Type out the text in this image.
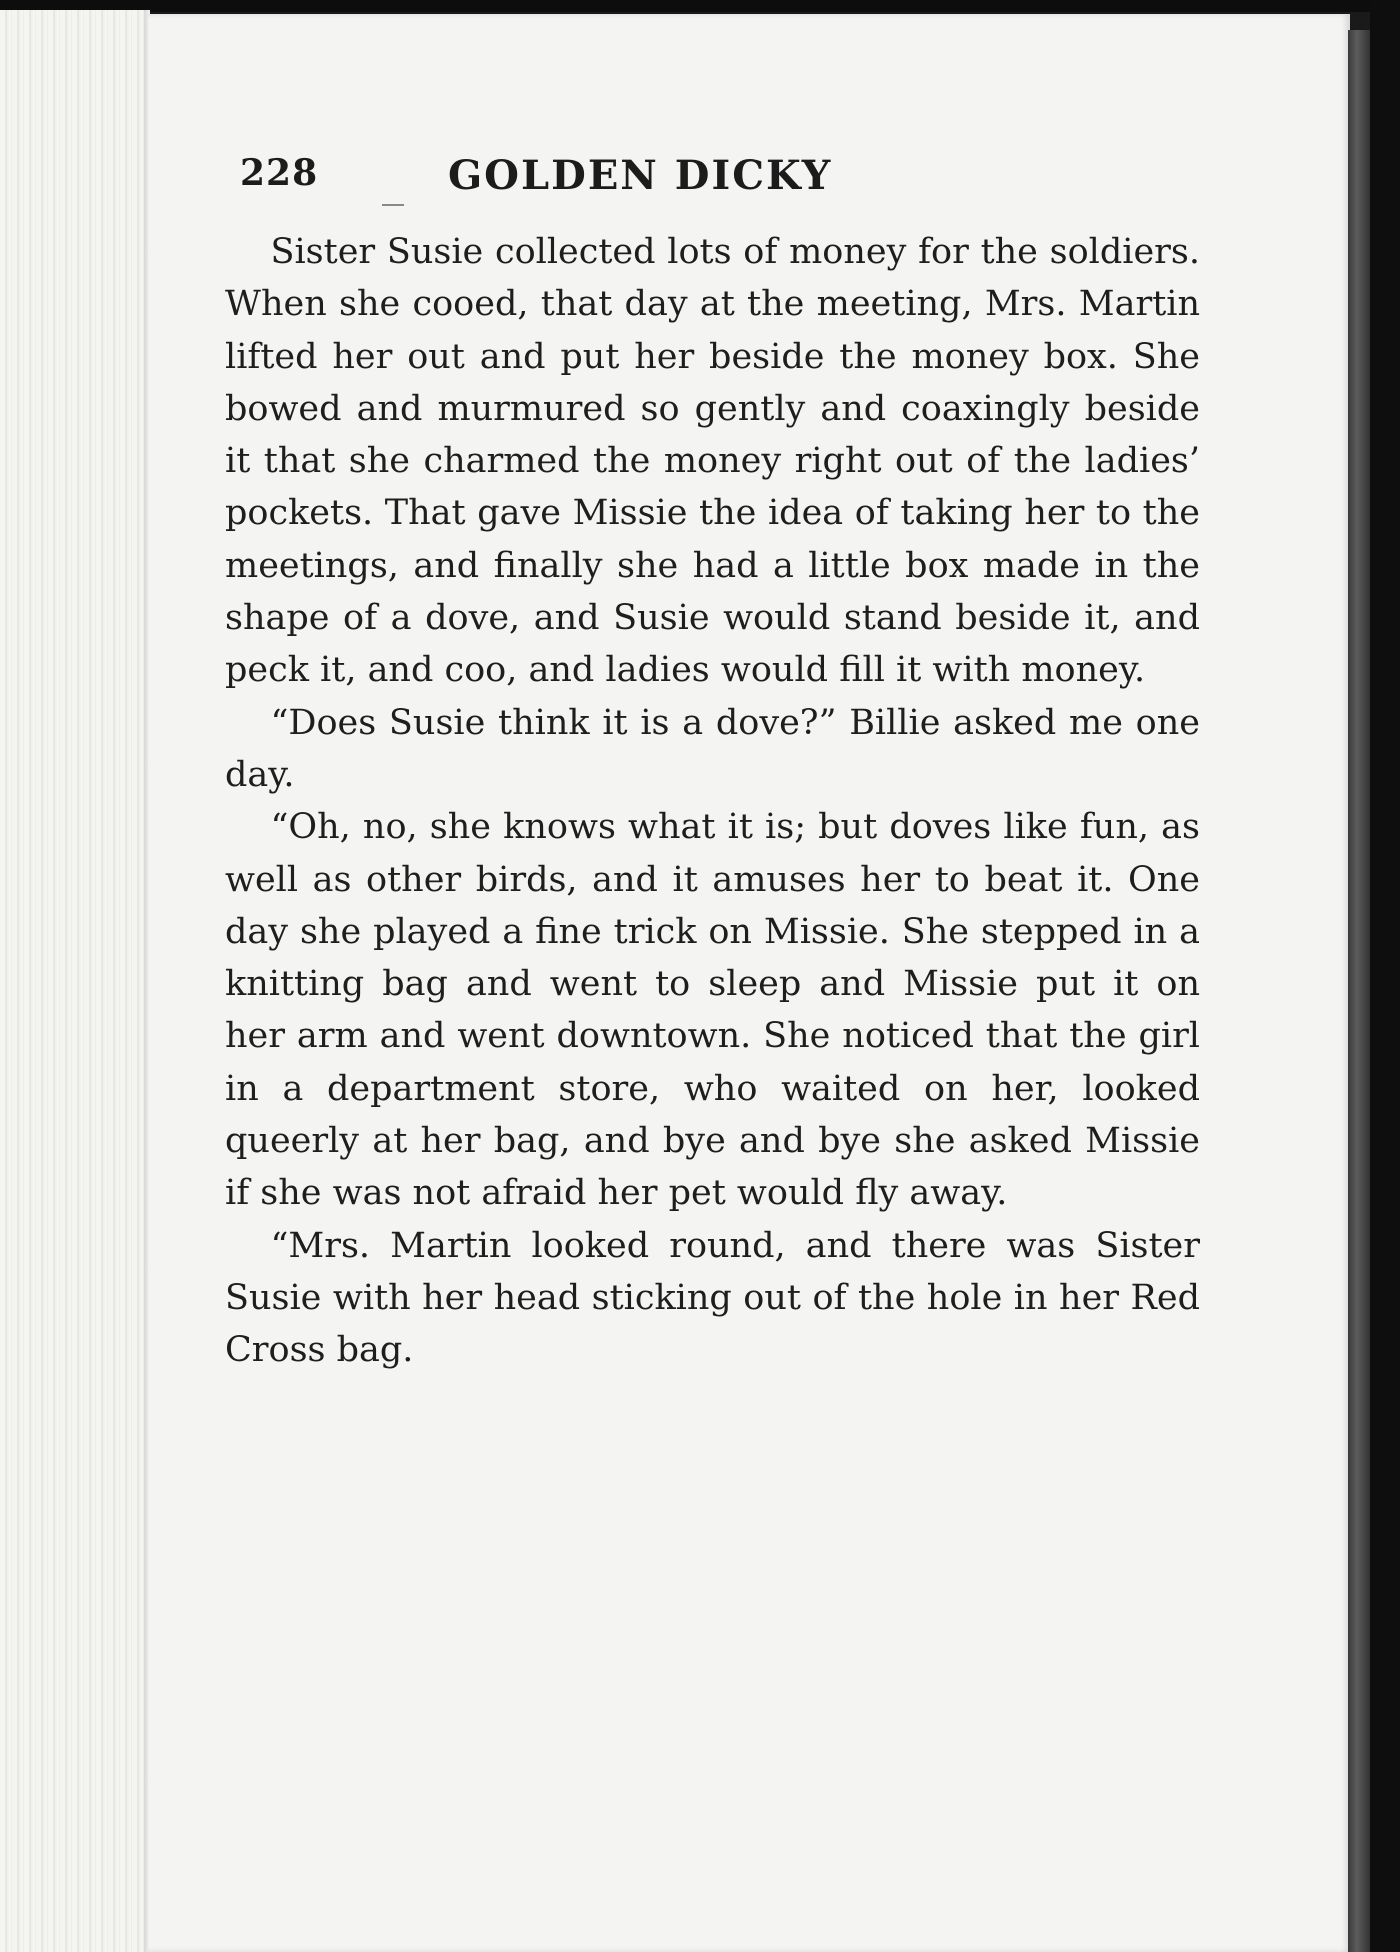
228	GOLDEN DICKY

Sister Susie collected lots of money for the soldiers. When she cooed, that day at the meeting, Mrs. Martin lifted her out and put her beside the money box. She bowed and murmured so gently and coaxingly beside it that she charmed the money right out of the ladies’ pockets. That gave Missie the idea of taking her to the meetings, and finally she had a little box made in the shape of a dove, and Susie would stand beside it, and peck it, and coo, and ladies would fill it with money.

“Does Susie think it is a dove?” Billie asked me one day.

“Oh, no, she knows what it is; but doves like fun, as well as other birds, and it amuses her to beat it. One day she played a fine trick on Missie. She stepped in a knitting bag and went to sleep and Missie put it on her arm and went downtown. She noticed that the girl in a department store, who waited on her, looked queerly at her bag, and bye and bye she asked Missie if she was not afraid her pet would fly away.

“Mrs. Martin looked round, and there was Sister Susie with her head sticking out of the hole in her Red Cross bag.
